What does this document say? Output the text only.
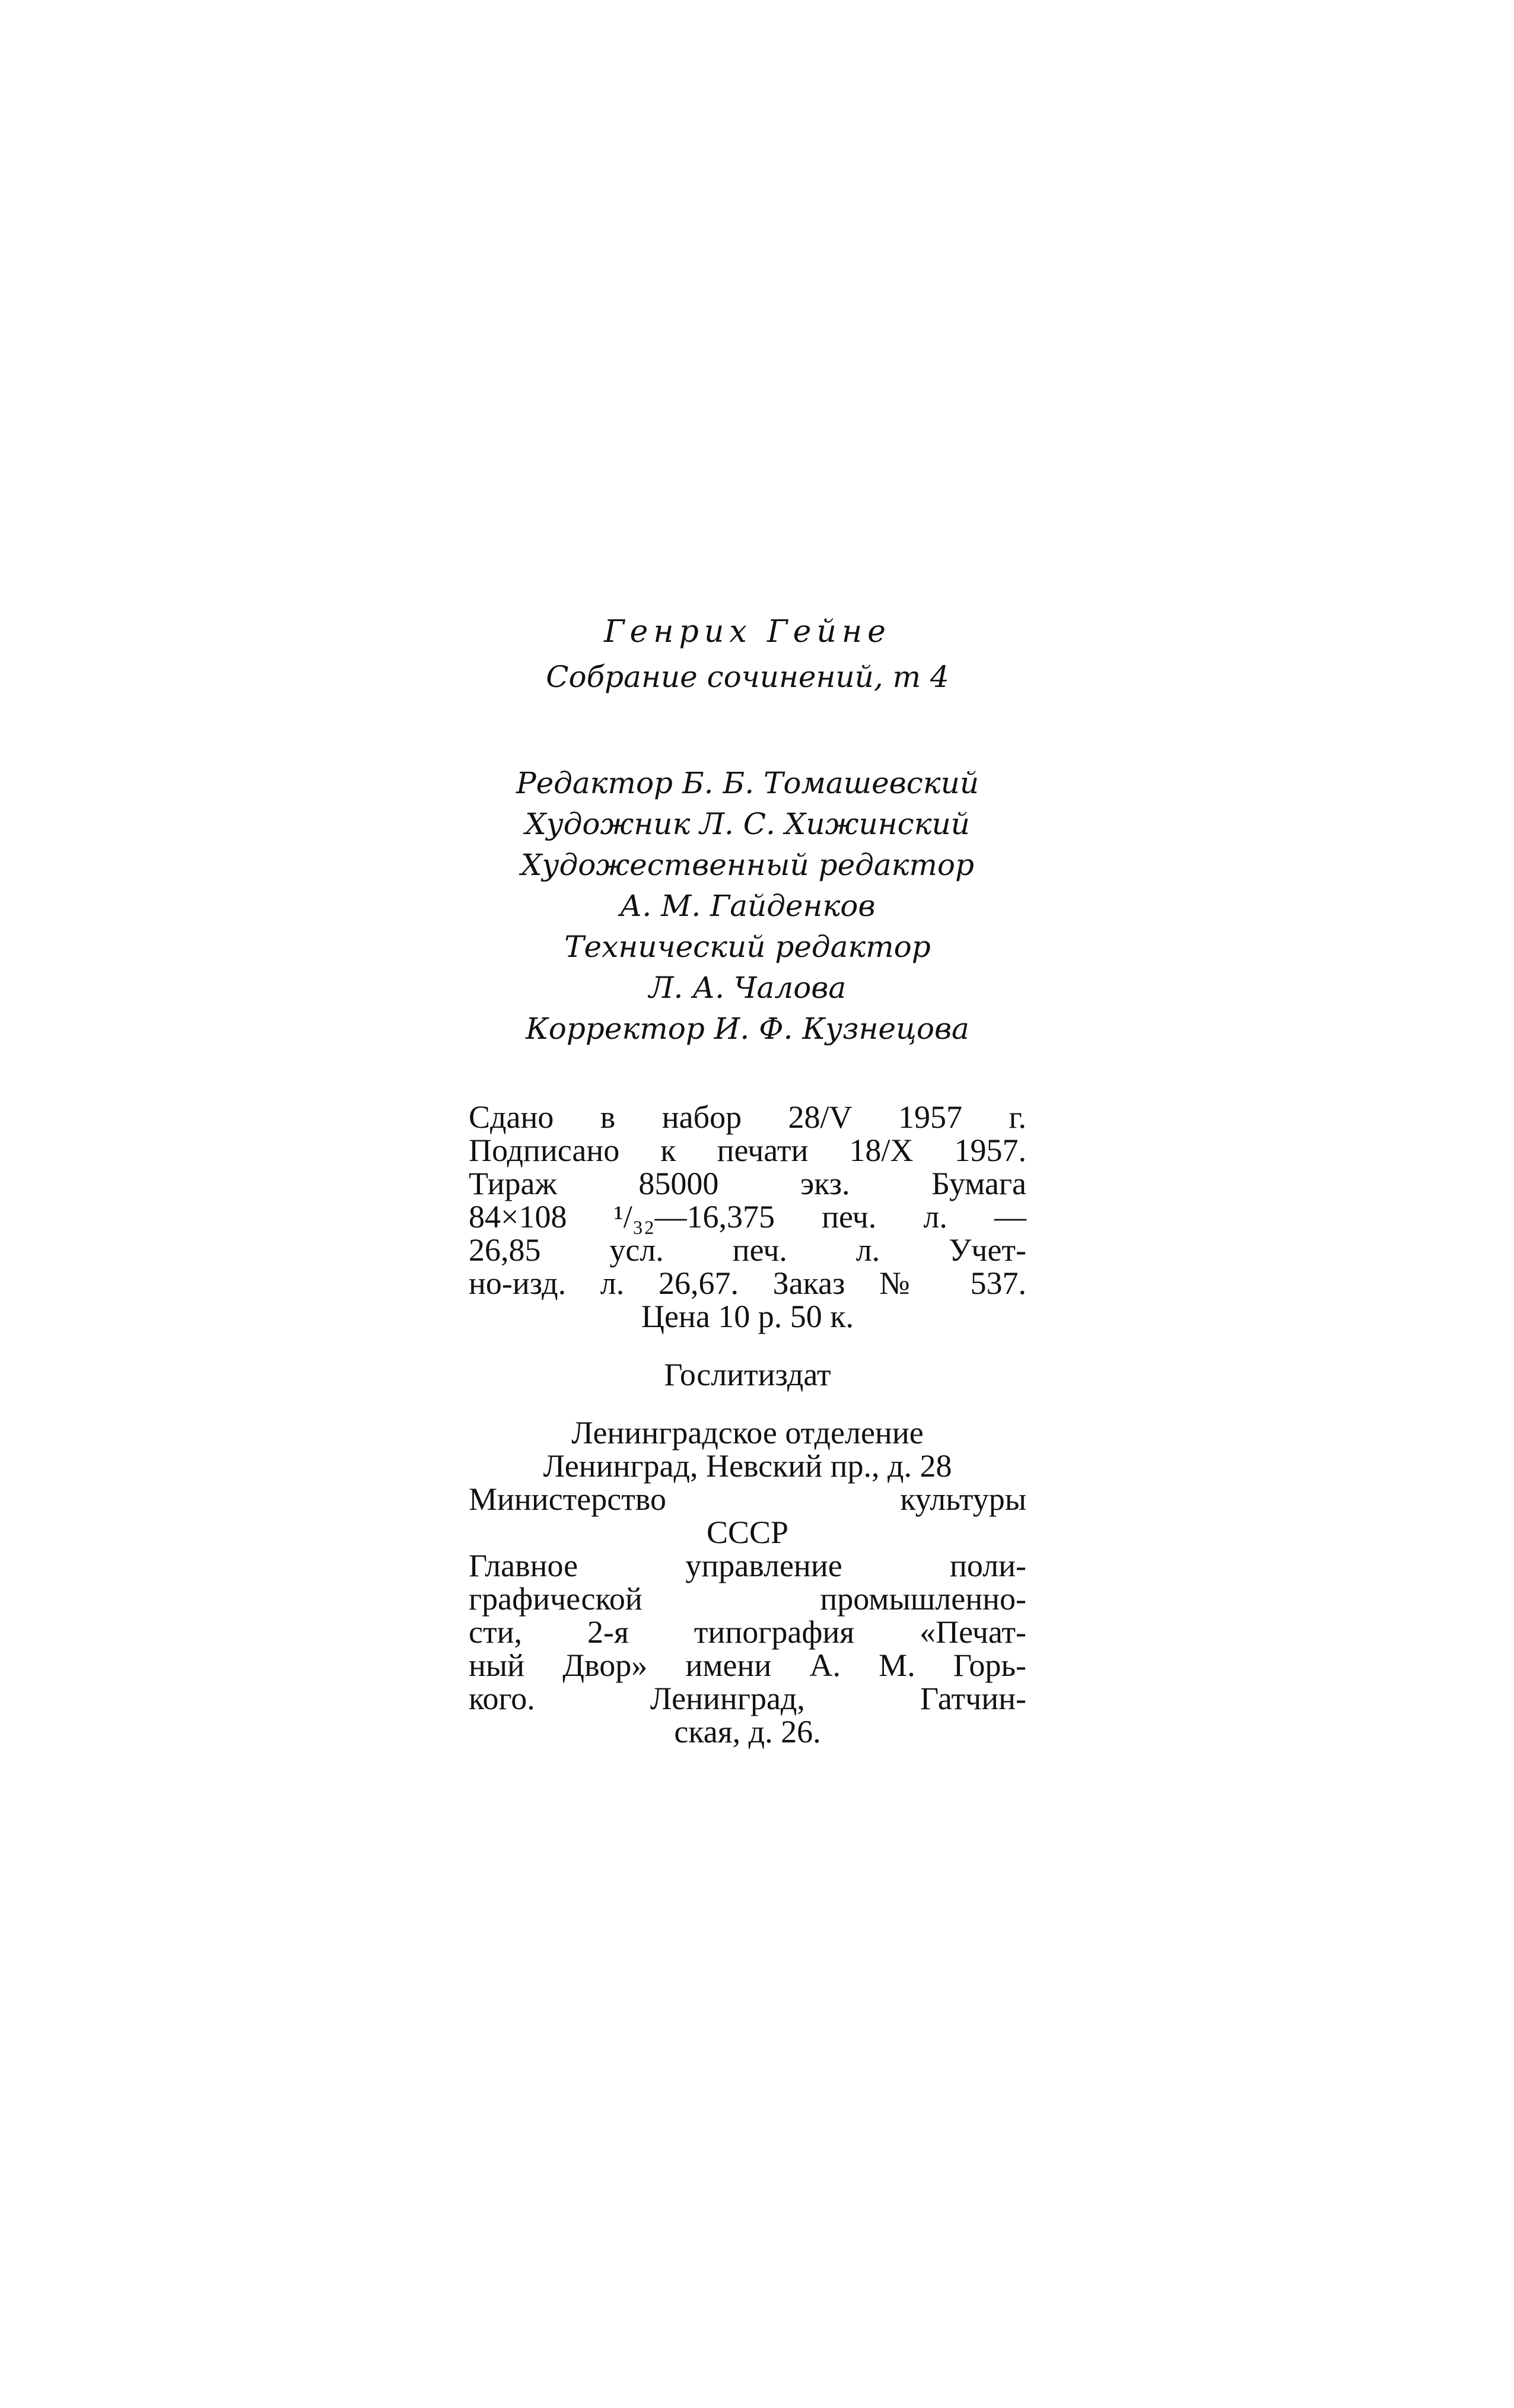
Генрих Гейне
Собрание сочинений, т 4
Редактор Б. Б. Томашевский
Художник Л. С. Хижинский
Художественный редактор
А. М. Гайденков
Технический редактор
Л. А. Чалова
Корректор И. Ф. Кузнецова
Сдано в набор 28/V 1957 г.
Подписано к печати 18/X 1957.
Тираж 85000 экз. Бумага
84×108 ¹/₃₂—16,375 печ. л. —
26,85 усл. печ. л. Учет-
но-изд. л. 26,67. Заказ № 537.
Цена 10 р. 50 к.
Гослитиздат
Ленинградское отделение
Ленинград, Невский пр., д. 28
Министерство культуры
СССР
Главное управление поли-
графической промышленно-
сти, 2-я типография «Печат-
ный Двор» имени А. М. Горь-
кого. Ленинград, Гатчин-
ская, д. 26.
